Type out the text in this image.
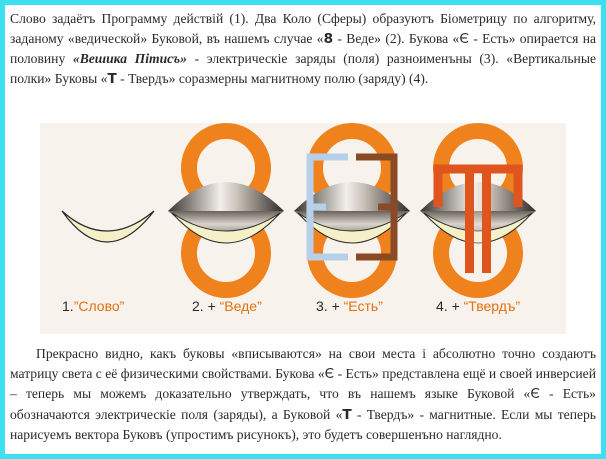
Слово задаётъ Программу действій (1). Два Коло (Сферы) образуютъ Біометрицу по алгоритму, заданому «ведической» Буковой, въ нашемъ случае «8 - Веде» (2). Букова «Є - Есть» опирается на половину «Вешика Пітисъ» - электрическіе заряды (поля) разноименъны (3). «Вертикальные полки» Буковы «Т - Твердъ» соразмерны магнитному полю (заряду) (4).

1.”Слово”	2. + “Веде”	3. + “Есть”	4. + “Твердъ”

Прекрасно видно, какъ буковы «вписываются» на свои места і абсолютно точно создаютъ матрицу света с её физическими свойствами. Букова «Є - Есть» представлена ещё и своей инверсией – теперь мы можемъ доказательно утверждать, что въ нашемъ языке Буковой «Є - Есть» обозначаются электрическіе поля (заряды), а Буковой «Т - Твердъ» - магнитные. Если мы теперь нарисуемъ вектора Буковъ (упростимъ рисунокъ), это будетъ совершенъно наглядно.
